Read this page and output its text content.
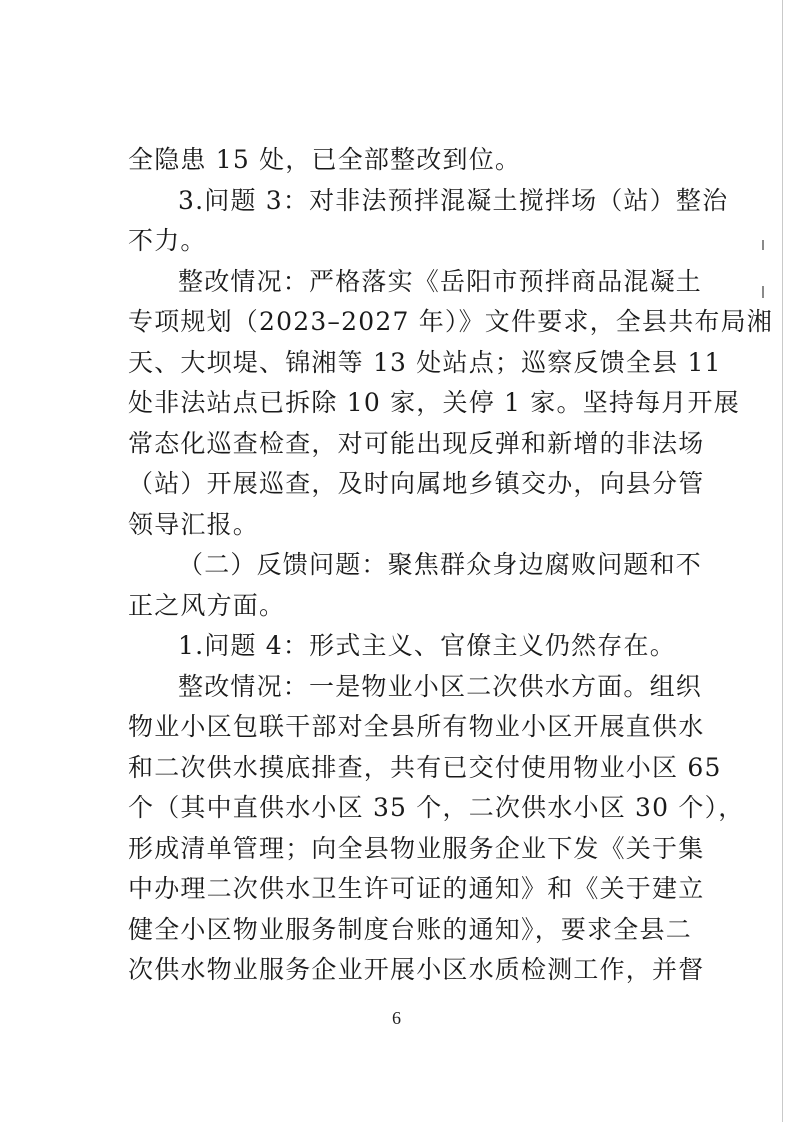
全隐患 15 处，已全部整改到位。
3.问题 3：对非法预拌混凝土搅拌场（站）整治
不力。
整改情况：严格落实《岳阳市预拌商品混凝土
专项规划（2023–2027 年）》文件要求，全县共布局湘
天、大坝堤、锦湘等 13 处站点；巡察反馈全县 11
处非法站点已拆除 10 家，关停 1 家。坚持每月开展
常态化巡查检查，对可能出现反弹和新增的非法场
（站）开展巡查，及时向属地乡镇交办，向县分管
领导汇报。
（二）反馈问题：聚焦群众身边腐败问题和不
正之风方面。
1.问题 4：形式主义、官僚主义仍然存在。
整改情况：一是物业小区二次供水方面。组织
物业小区包联干部对全县所有物业小区开展直供水
和二次供水摸底排查，共有已交付使用物业小区 65
个（其中直供水小区 35 个，二次供水小区 30 个），
形成清单管理；向全县物业服务企业下发《关于集
中办理二次供水卫生许可证的通知》和《关于建立
健全小区物业服务制度台账的通知》，要求全县二
次供水物业服务企业开展小区水质检测工作，并督
6
